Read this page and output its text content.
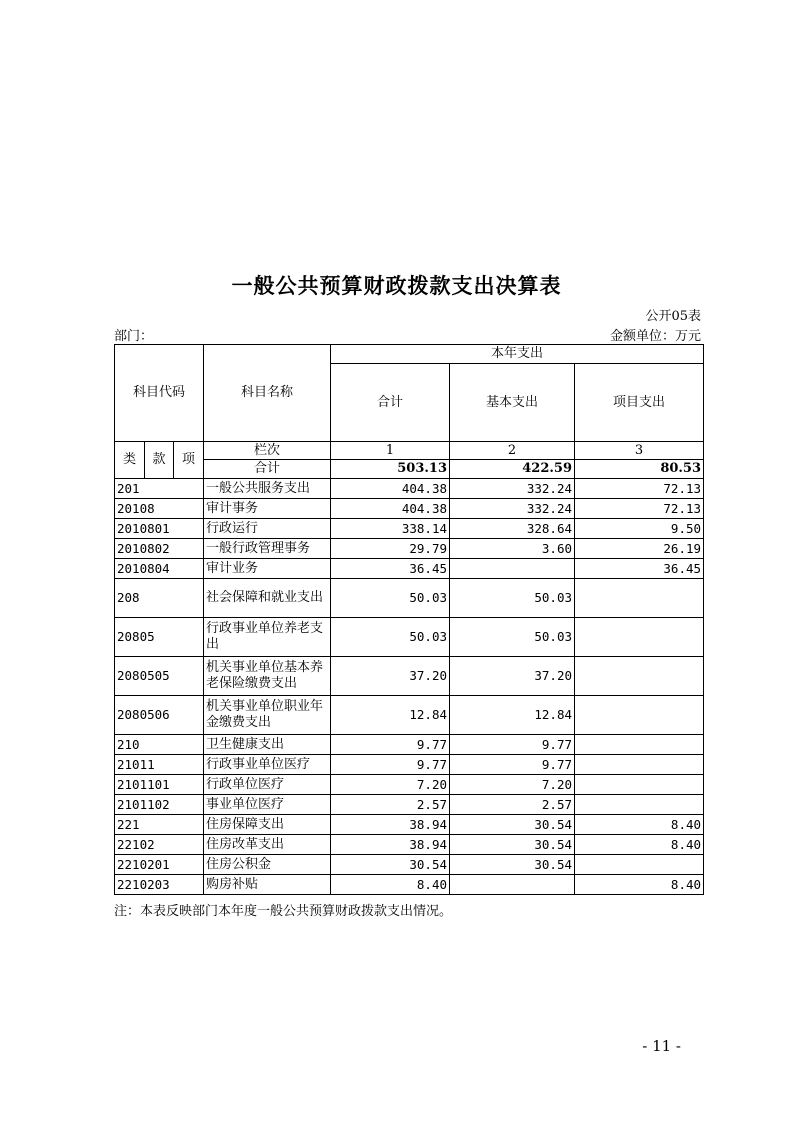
一般公共预算财政拨款支出决算表
公开05表
部门：	金额单位：万元
科目代码			科目名称	本年支出		
				合计	基本支出	项目支出
类	款	项	栏次	1	2	3
			合计	503.13	422.59	80.53
201			一般公共服务支出	404.38	332.24	72.13
20108			审计事务	404.38	332.24	72.13
2010801			行政运行	338.14	328.64	9.50
2010802			一般行政管理事务	29.79	3.60	26.19
2010804			审计业务	36.45		36.45
208			社会保障和就业支出	50.03	50.03	
20805			行政事业单位养老支出	50.03	50.03	
2080505			机关事业单位基本养老保险缴费支出	37.20	37.20	
2080506			机关事业单位职业年金缴费支出	12.84	12.84	
210			卫生健康支出	9.77	9.77	
21011			行政事业单位医疗	9.77	9.77	
2101101			行政单位医疗	7.20	7.20	
2101102			事业单位医疗	2.57	2.57	
221			住房保障支出	38.94	30.54	8.40
22102			住房改革支出	38.94	30.54	8.40
2210201			住房公积金	30.54	30.54	
2210203			购房补贴	8.40		8.40
注：本表反映部门本年度一般公共预算财政拨款支出情况。
- 11 -
